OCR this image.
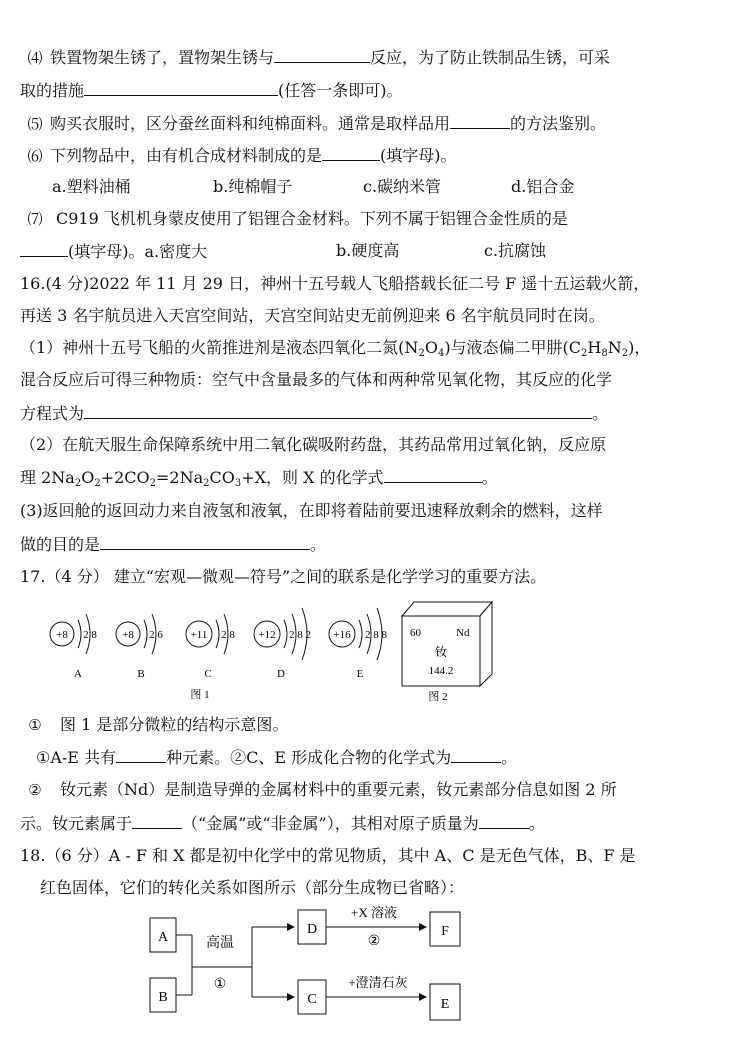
⑷ 铁置物架生锈了，置物架生锈与	反应，为了防止铁制品生锈，可采
取的措施	(任答一条即可)。
⑸ 购买衣服时，区分蚕丝面料和纯棉面料。通常是取样品用	的方法鉴别。
⑹ 下列物品中，由有机合成材料制成的是	(填字母)。
a.塑料油桶	b.纯棉帽子	c.碳纳米管	d.铝合金
⑺ C919 飞机机身蒙皮使用了铝锂合金材料。下列不属于铝锂合金性质的是
(填字母)。a.密度大	b.硬度高	c.抗腐蚀
16.(4 分)2022 年 11 月 29 日，神州十五号载人飞船搭载长征二号 F 遥十五运载火箭，
再送 3 名宇航员进入天宫空间站，天宫空间站史无前例迎来 6 名宇航员同时在岗。
（1）神州十五号飞船的火箭推进剂是液态四氧化二氮$(N_2O_4)$与液态偏二甲肼$(C_2H_8N_2)$，
混合反应后可得三种物质：空气中含量最多的气体和两种常见氧化物，其反应的化学
方程式为	。
（2）在航天服生命保障系统中用二氧化碳吸附药盘，其药品常用过氧化钠，反应原
理 $2Na_2O_2+2CO_2=2Na_2CO_3+X$，则 X 的化学式	。
(3)返回舱的返回动力来自液氢和液氧，在即将着陆前要迅速释放剩余的燃料，这样
做的目的是	。
17.（4 分） 建立“宏观—微观—符号”之间的联系是化学学习的重要方法。
+8 2 8
A
+8 2 6
B
+11 2 8
C
+12 2 8 2
D
+16 2 8 8
E
图 1
60	Nd
钕
144.2
图 2
① 图 1 是部分微粒的结构示意图。
①A-E 共有	种元素。②C、E 形成化合物的化学式为	。
② 钕元素（Nd）是制造导弹的金属材料中的重要元素，钕元素部分信息如图 2 所
示。钕元素属于	（“金属”或“非金属”），其相对原子质量为	。
18.（6 分）A - F 和 X 都是初中化学中的常见物质，其中 A、C 是无色气体，B、F 是
红色固体，它们的转化关系如图所示（部分生成物已省略）：
A
B
高温
①
D
C
+X 溶液
②
F
+澄清石灰
E
